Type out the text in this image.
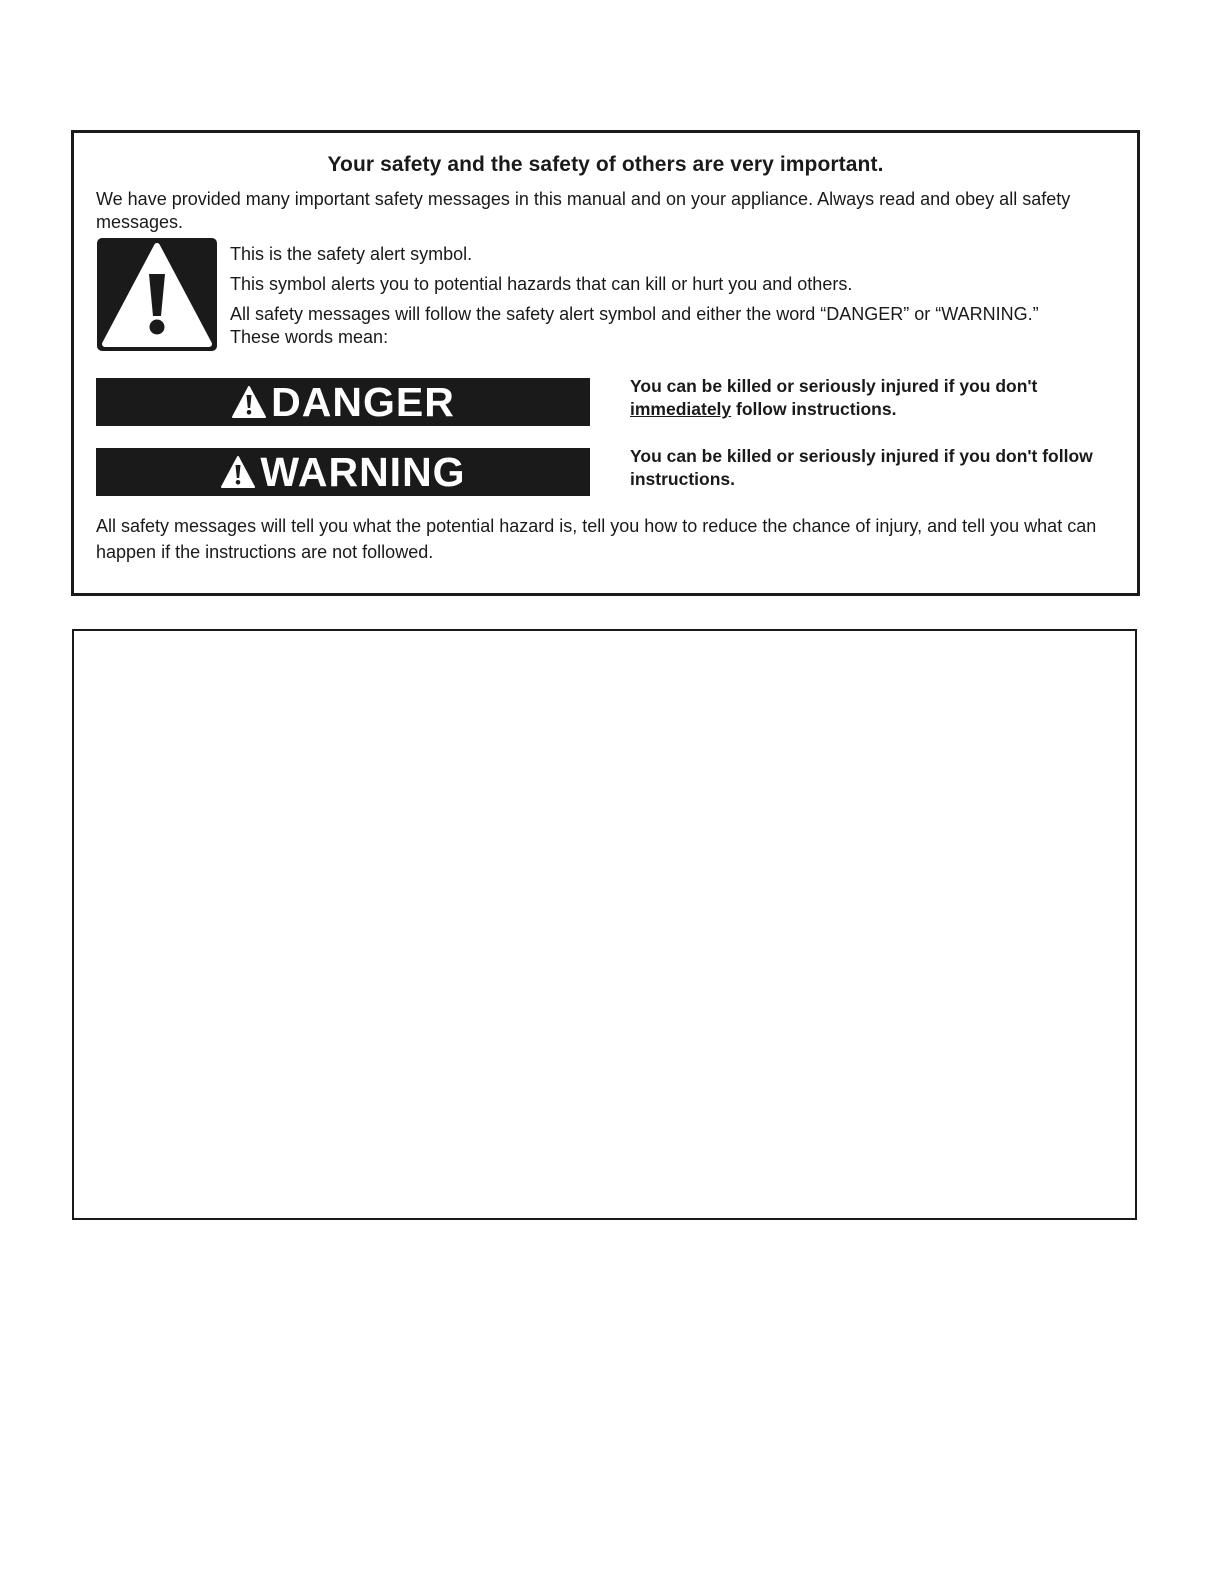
Your safety and the safety of others are very important.
We have provided many important safety messages in this manual and on your appliance. Always read and obey all safety messages.

This is the safety alert symbol.

This symbol alerts you to potential hazards that can kill or hurt you and others.

All safety messages will follow the safety alert symbol and either the word “DANGER” or “WARNING.” These words mean:

DANGER	You can be killed or seriously injured if you don't immediately follow instructions.
WARNING	You can be killed or seriously injured if you don't follow instructions.
All safety messages will tell you what the potential hazard is, tell you how to reduce the chance of injury, and tell you what can happen if the instructions are not followed.
